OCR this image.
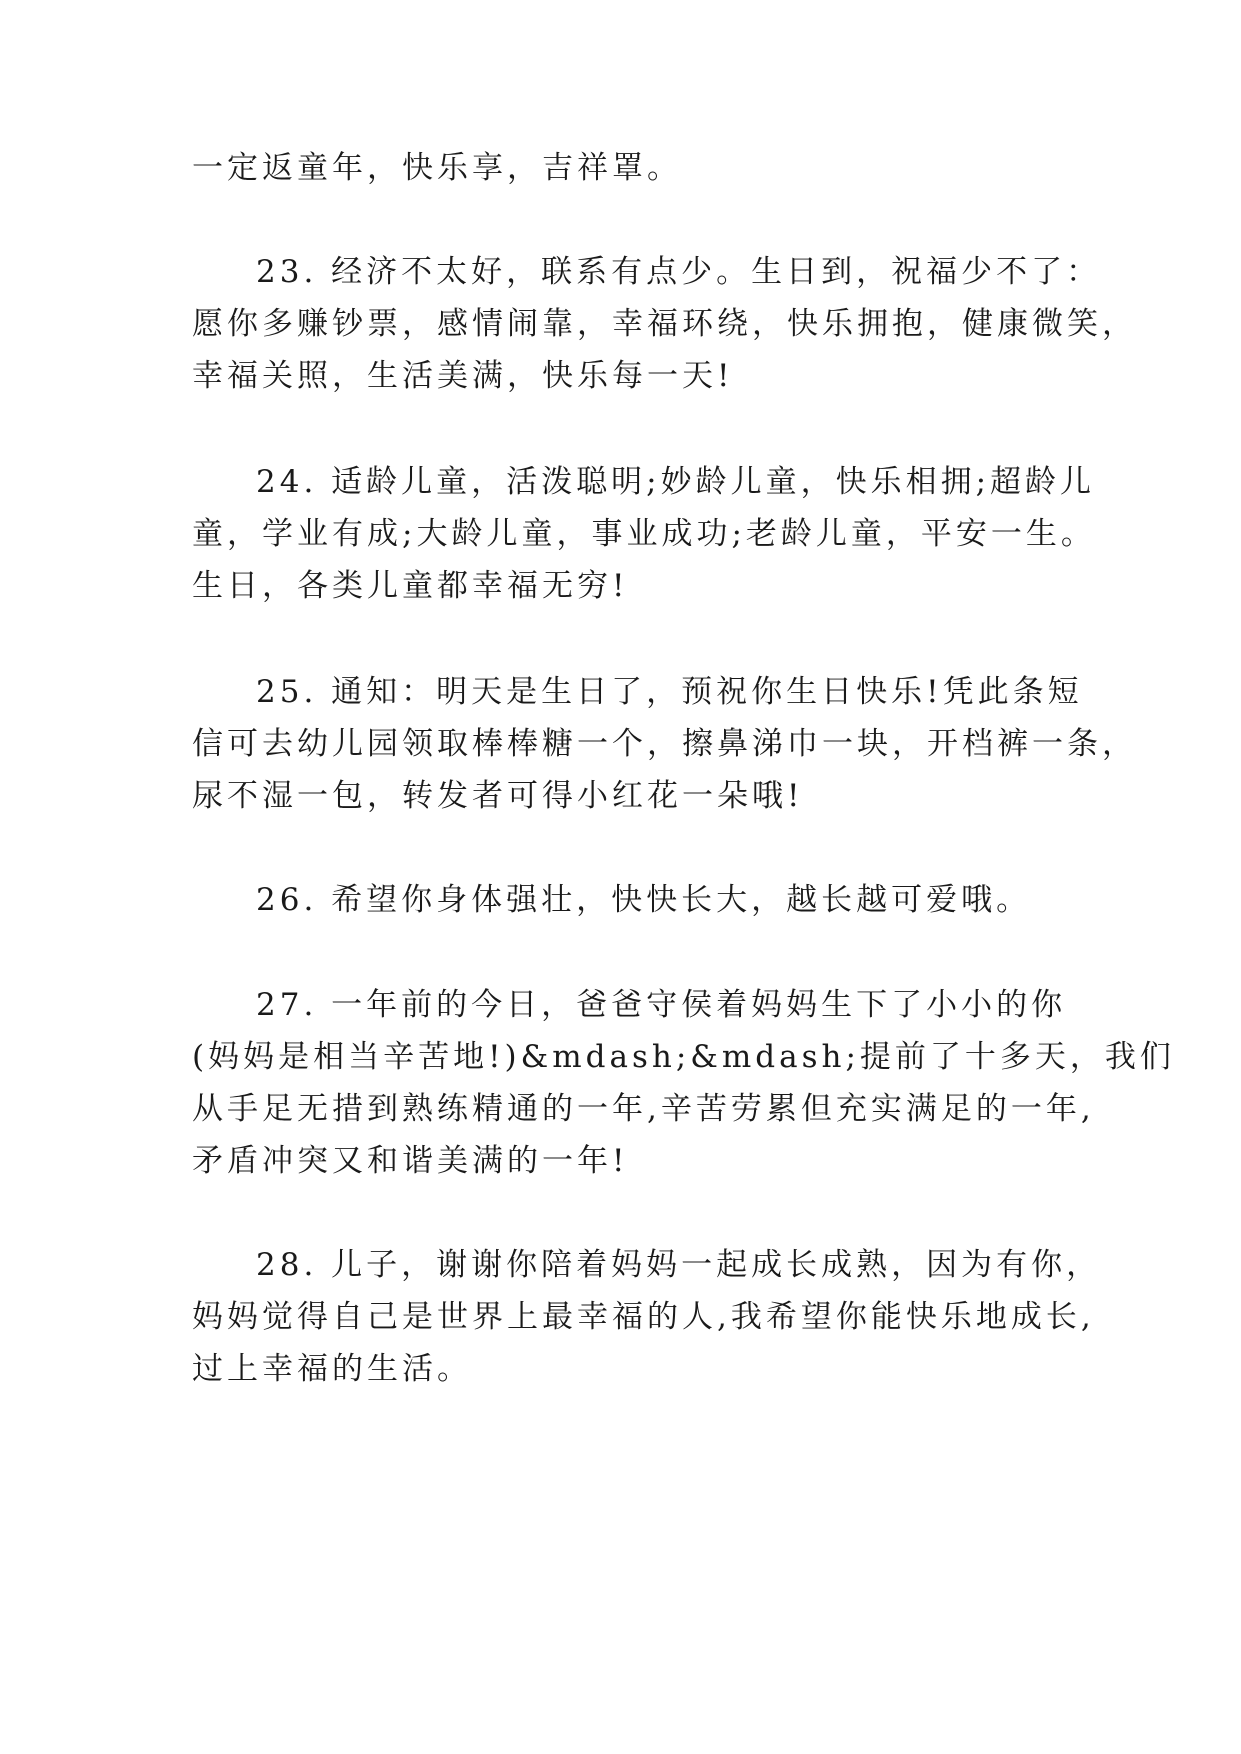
一定返童年，快乐享，吉祥罩。
23. 经济不太好，联系有点少。生日到，祝福少不了：
愿你多赚钞票，感情闹靠，幸福环绕，快乐拥抱，健康微笑，
幸福关照，生活美满，快乐每一天!
24. 适龄儿童，活泼聪明;妙龄儿童，快乐相拥;超龄儿
童，学业有成;大龄儿童，事业成功;老龄儿童，平安一生。
生日，各类儿童都幸福无穷!
25. 通知：明天是生日了，预祝你生日快乐!凭此条短
信可去幼儿园领取棒棒糖一个，擦鼻涕巾一块，开档裤一条，
尿不湿一包，转发者可得小红花一朵哦!
26. 希望你身体强壮，快快长大，越长越可爱哦。
27. 一年前的今日，爸爸守侯着妈妈生下了小小的你
(妈妈是相当辛苦地!)&mdash;&mdash;提前了十多天，我们
从手足无措到熟练精通的一年,辛苦劳累但充实满足的一年,
矛盾冲突又和谐美满的一年!
28. 儿子，谢谢你陪着妈妈一起成长成熟，因为有你，
妈妈觉得自己是世界上最幸福的人,我希望你能快乐地成长,
过上幸福的生活。
